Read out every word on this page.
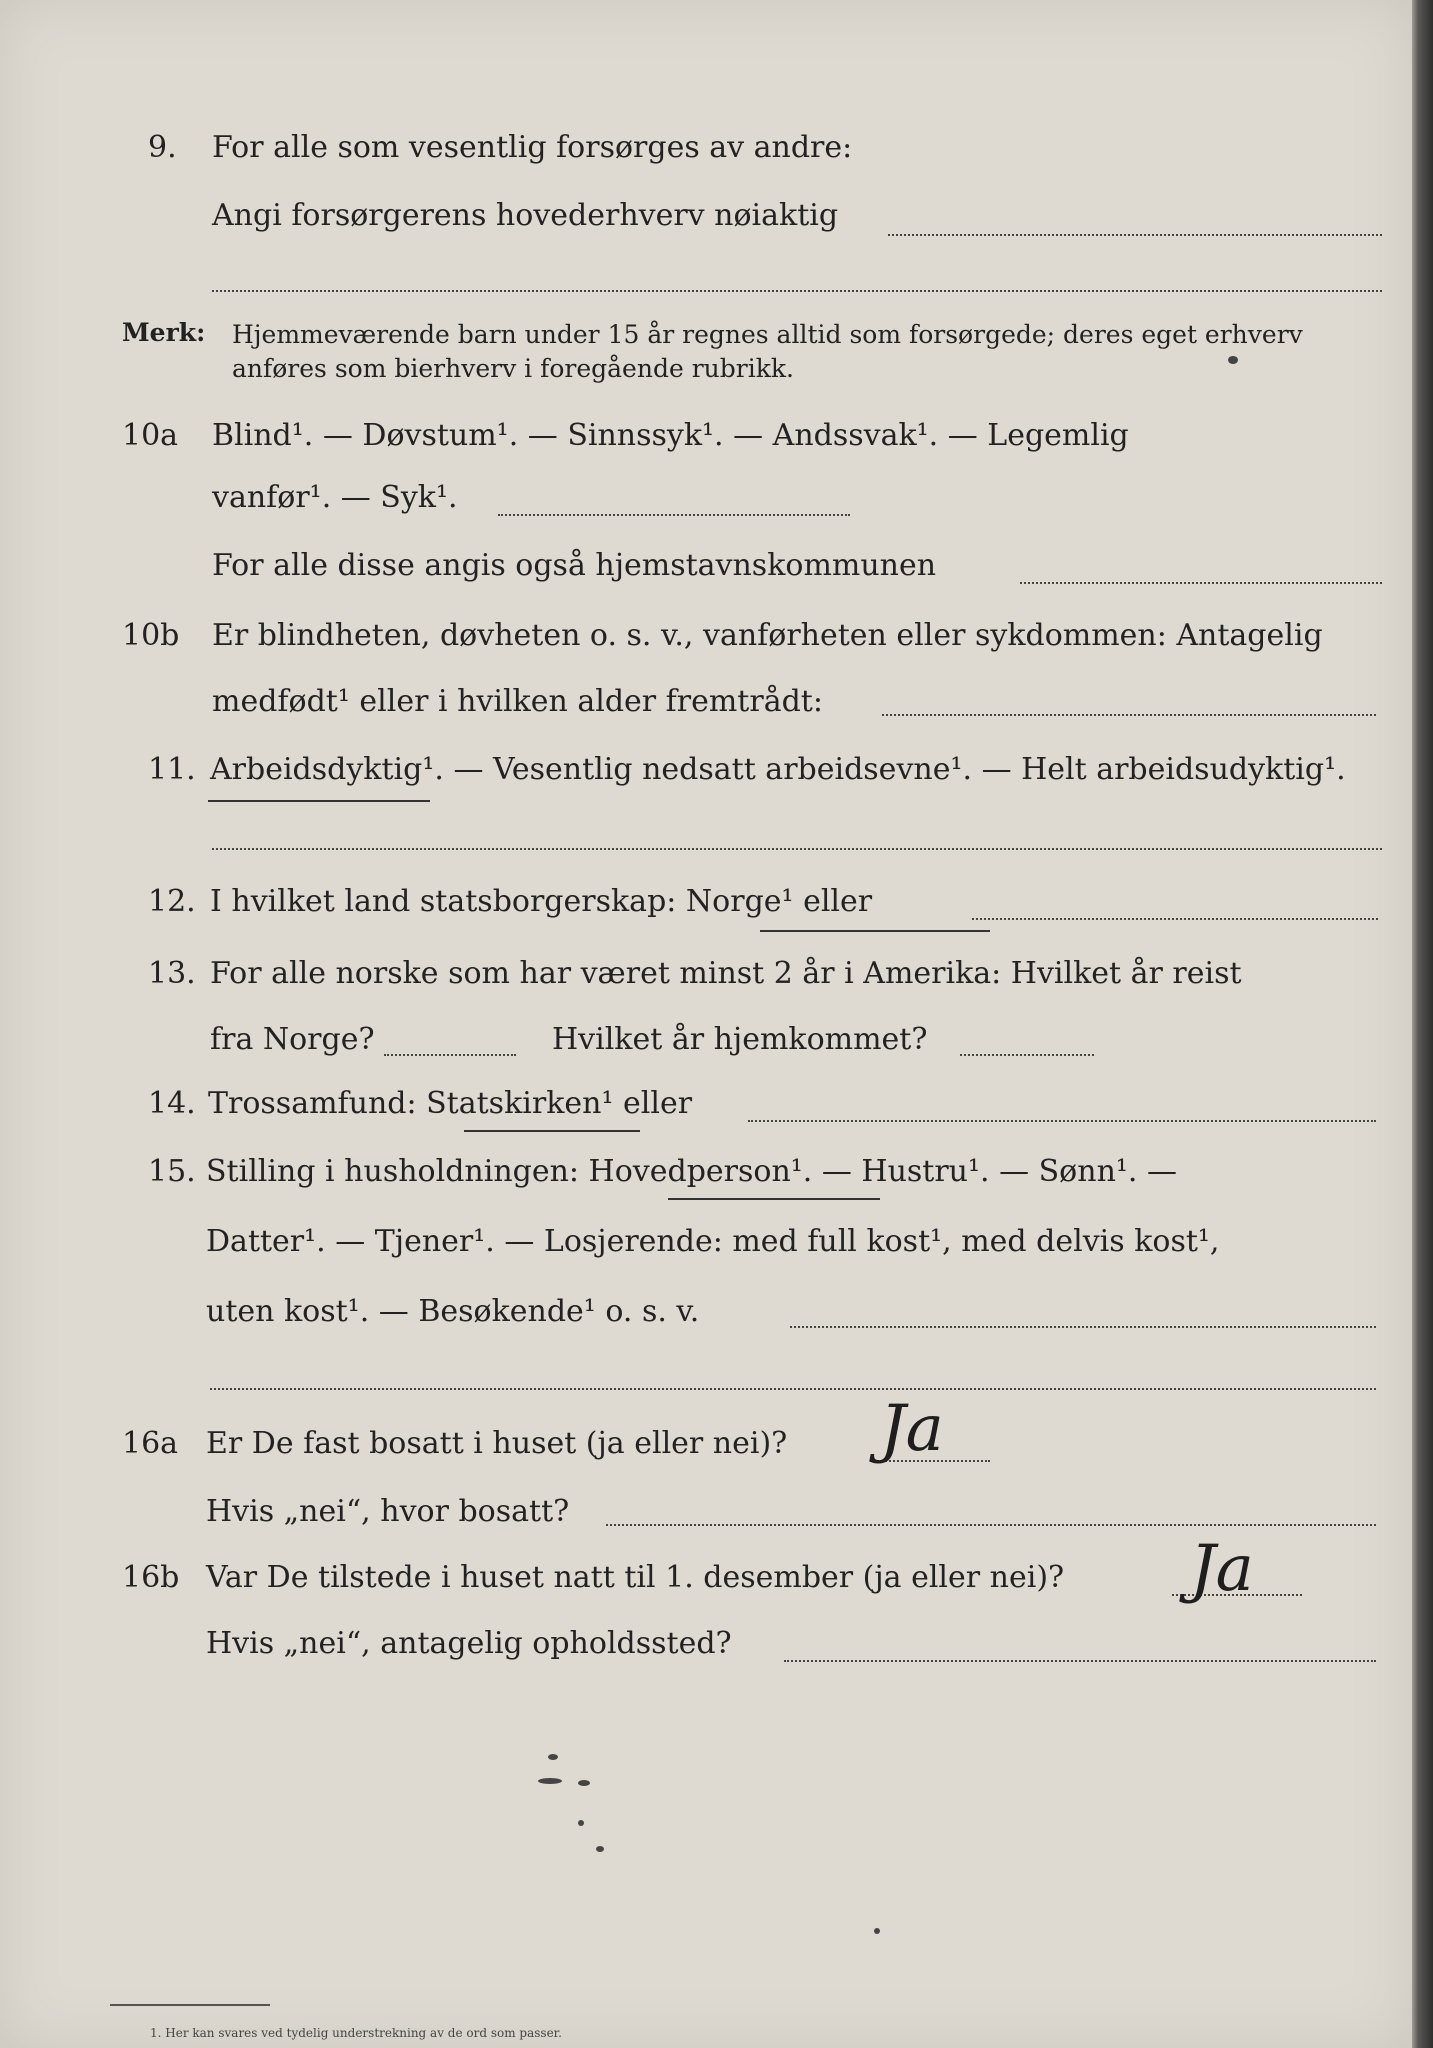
9. For alle som vesentlig forsørges av andre:
Angi forsørgerens hovederhverv nøiaktig
Merk: Hjemmeværende barn under 15 år regnes alltid som forsørgede; deres eget erhverv
anføres som bierhverv i foregående rubrikk.
10a Blind¹. — Døvstum¹. — Sinnssyk¹. — Andssvak¹. — Legemlig
vanfør¹. — Syk¹.
For alle disse angis også hjemstavnskommunen
10b Er blindheten, døvheten o. s. v., vanførheten eller sykdommen: Antagelig
medfødt¹ eller i hvilken alder fremtrådt:
11. Arbeidsdyktig¹. — Vesentlig nedsatt arbeidsevne¹. — Helt arbeidsudyktig¹.
12. I hvilket land statsborgerskap: Norge¹ eller
13. For alle norske som har været minst 2 år i Amerika: Hvilket år reist
fra Norge?	Hvilket år hjemkommet?
14. Trossamfund: Statskirken¹ eller
15. Stilling i husholdningen: Hovedperson¹. — Hustru¹. — Sønn¹. —
Datter¹. — Tjener¹. — Losjerende: med full kost¹, med delvis kost¹,
uten kost¹. — Besøkende¹ o. s. v.
16a Er De fast bosatt i huset (ja eller nei)? Ja
Hvis „nei“, hvor bosatt?
16b Var De tilstede i huset natt til 1. desember (ja eller nei)? Ja
Hvis „nei“, antagelig opholdssted?
1. Her kan svares ved tydelig understrekning av de ord som passer.
